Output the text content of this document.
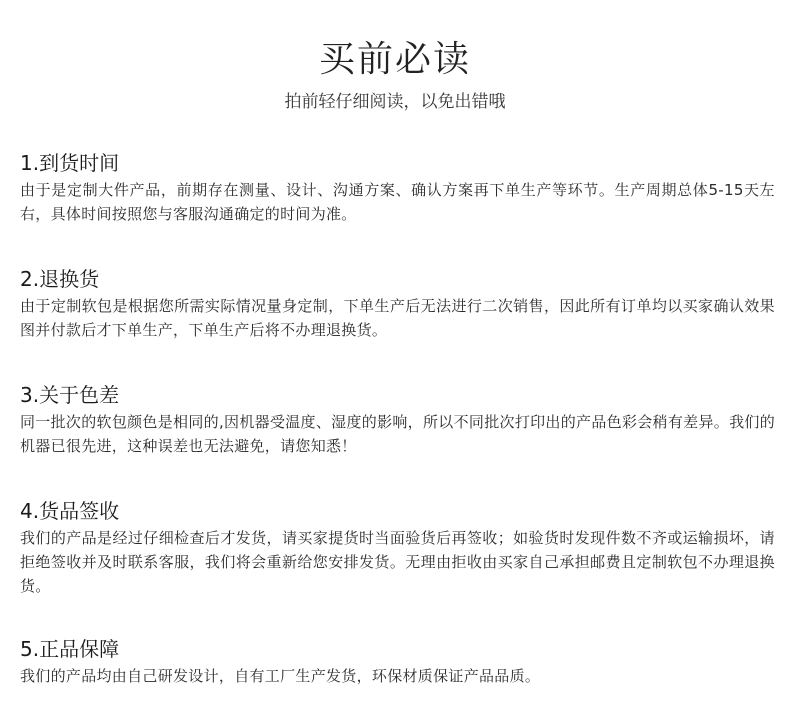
买前必读
拍前轻仔细阅读，以免出错哦
1.到货时间

由于是定制大件产品，前期存在测量、设计、沟通方案、确认方案再下单生产等环节。生产周期总体5-15天左右，具体时间按照您与客服沟通确定的时间为准。

2.退换货

由于定制软包是根据您所需实际情况量身定制，下单生产后无法进行二次销售，因此所有订单均以买家确认效果图并付款后才下单生产，下单生产后将不办理退换货。

3.关于色差

同一批次的软包颜色是相同的,因机器受温度、湿度的影响，所以不同批次打印出的产品色彩会稍有差异。我们的机器已很先进，这种误差也无法避免，请您知悉！

4.货品签收

我们的产品是经过仔细检查后才发货，请买家提货时当面验货后再签收；如验货时发现件数不齐或运输损坏，请拒绝签收并及时联系客服，我们将会重新给您安排发货。无理由拒收由买家自己承担邮费且定制软包不办理退换货。

5.正品保障

我们的产品均由自己研发设计，自有工厂生产发货，环保材质保证产品品质。
